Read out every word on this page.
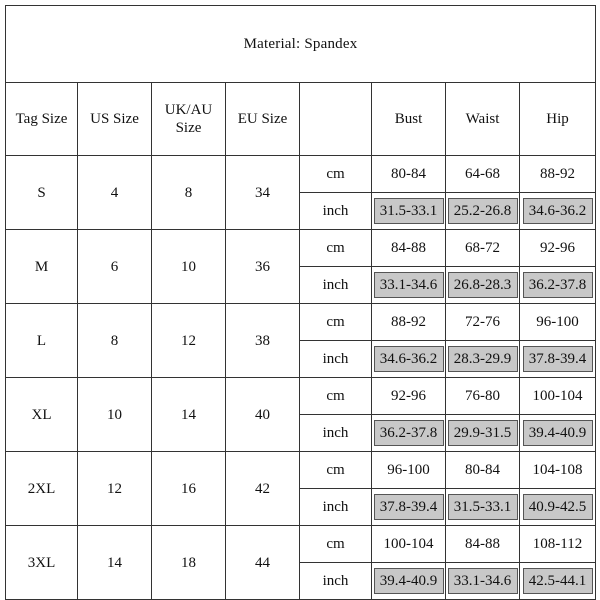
Material: Spandex							
Tag Size	US Size	UK/AU Size	EU Size		Bust	Waist	Hip
S	4	8	34	cm	80-84	64-68	88-92
				inch	31.5-33.1	25.2-26.8	34.6-36.2
M	6	10	36	cm	84-88	68-72	92-96
				inch	33.1-34.6	26.8-28.3	36.2-37.8
L	8	12	38	cm	88-92	72-76	96-100
				inch	34.6-36.2	28.3-29.9	37.8-39.4
XL	10	14	40	cm	92-96	76-80	100-104
				inch	36.2-37.8	29.9-31.5	39.4-40.9
2XL	12	16	42	cm	96-100	80-84	104-108
				inch	37.8-39.4	31.5-33.1	40.9-42.5
3XL	14	18	44	cm	100-104	84-88	108-112
				inch	39.4-40.9	33.1-34.6	42.5-44.1
